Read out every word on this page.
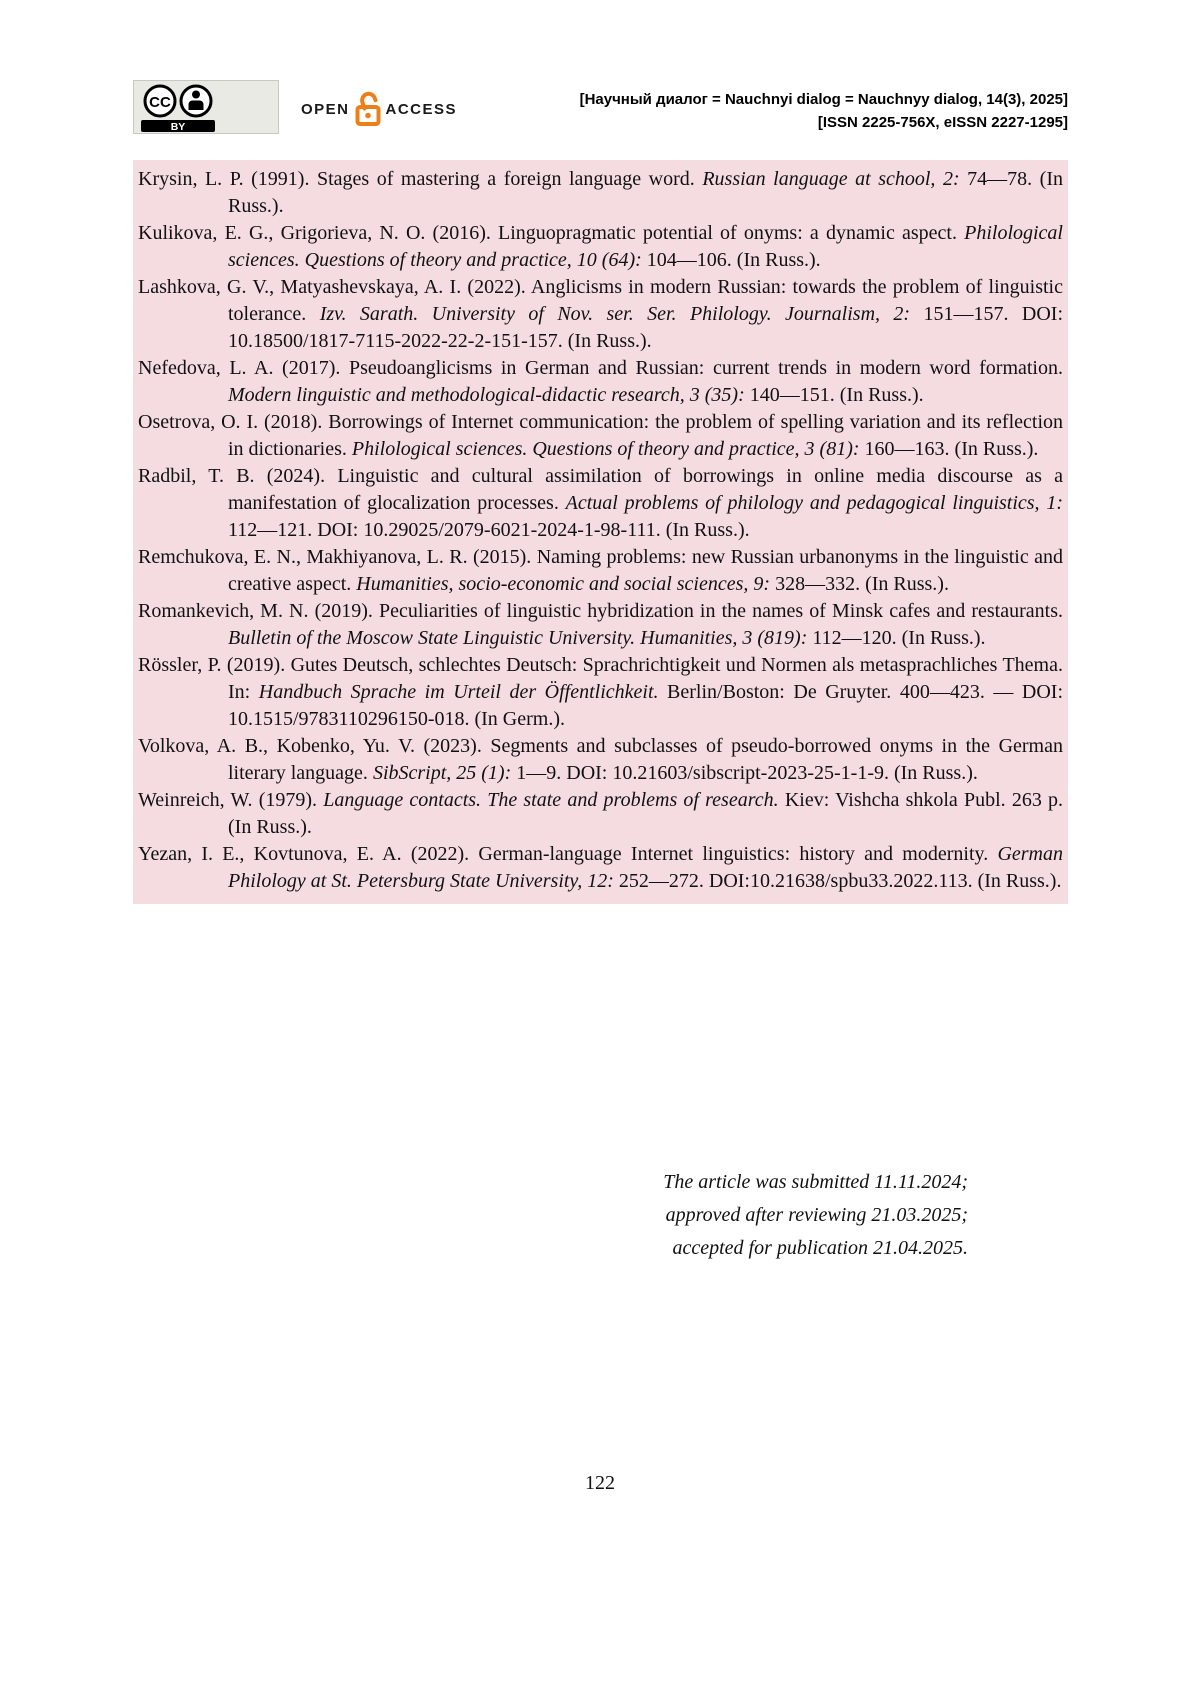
CC
BY
OPEN ACCESS
[Научный диалог = Nauchnyi dialog = Nauchnyy dialog, 14(3), 2025]
[ISSN 2225-756X, eISSN 2227-1295]
Krysin, L. P. (1991). Stages of mastering a foreign language word. Russian language at school, 2: 74—78. (In Russ.).
Kulikova, E. G., Grigorieva, N. O. (2016). Linguopragmatic potential of onyms: a dynamic aspect. Philological sciences. Questions of theory and practice, 10 (64): 104—106. (In Russ.).
Lashkova, G. V., Matyashevskaya, A. I. (2022). Anglicisms in modern Russian: towards the problem of linguistic tolerance. Izv. Sarath. University of Nov. ser. Ser. Philology. Journalism, 2: 151—157. DOI: 10.18500/1817-7115-2022-22-2-151-157. (In Russ.).
Nefedova, L. A. (2017). Pseudoanglicisms in German and Russian: current trends in modern word formation. Modern linguistic and methodological-didactic research, 3 (35): 140—151. (In Russ.).
Osetrova, O. I. (2018). Borrowings of Internet communication: the problem of spelling variation and its reflection in dictionaries. Philological sciences. Questions of theory and practice, 3 (81): 160—163. (In Russ.).
Radbil, T. B. (2024). Linguistic and cultural assimilation of borrowings in online media discourse as a manifestation of glocalization processes. Actual problems of philology and pedagogical linguistics, 1: 112—121. DOI: 10.29025/2079-6021-2024-1-98-111. (In Russ.).
Remchukova, E. N., Makhiyanova, L. R. (2015). Naming problems: new Russian urbanonyms in the linguistic and creative aspect. Humanities, socio-economic and social sciences, 9: 328—332. (In Russ.).
Romankevich, M. N. (2019). Peculiarities of linguistic hybridization in the names of Minsk cafes and restaurants. Bulletin of the Moscow State Linguistic University. Humanities, 3 (819): 112—120. (In Russ.).
Rössler, P. (2019). Gutes Deutsch, schlechtes Deutsch: Sprachrichtigkeit und Normen als metasprachliches Thema. In: Handbuch Sprache im Urteil der Öffentlichkeit. Berlin/Boston: De Gruyter. 400—423. — DOI: 10.1515/9783110296150-018. (In Germ.).
Volkova, A. B., Kobenko, Yu. V. (2023). Segments and subclasses of pseudo-borrowed onyms in the German literary language. SibScript, 25 (1): 1—9. DOI: 10.21603/sibscript-2023-25-1-1-9. (In Russ.).
Weinreich, W. (1979). Language contacts. The state and problems of research. Kiev: Vishcha shkola Publ. 263 p. (In Russ.).
Yezan, I. E., Kovtunova, E. A. (2022). German-language Internet linguistics: history and modernity. German Philology at St. Petersburg State University, 12: 252—272. DOI:10.21638/spbu33.2022.113. (In Russ.).
The article was submitted 11.11.2024;
approved after reviewing 21.03.2025;
accepted for publication 21.04.2025.
122
